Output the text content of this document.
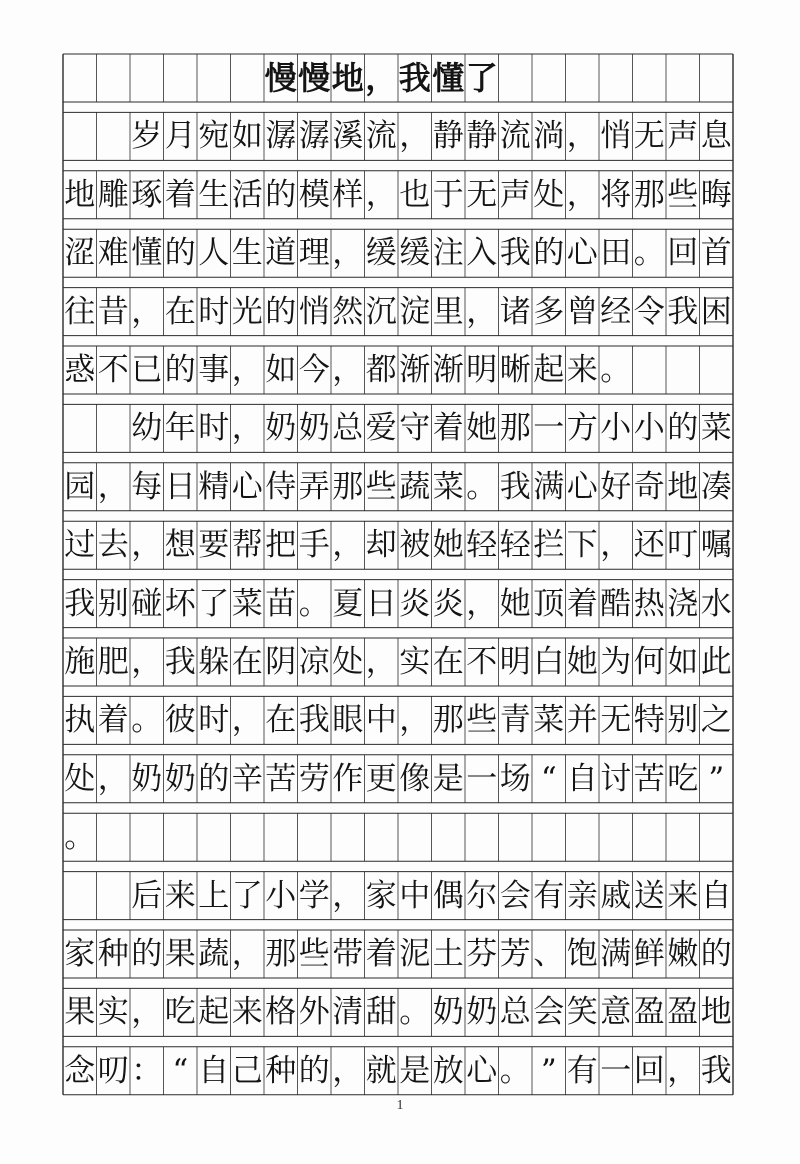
慢 慢 地 ， 我 懂 了
岁 月 宛 如 潺 潺 溪 流 ， 静 静 流 淌 ， 悄 无 声 息
地 雕 琢 着 生 活 的 模 样 ， 也 于 无 声 处 ， 将 那 些 晦
涩 难 懂 的 人 生 道 理 ， 缓 缓 注 入 我 的 心 田 。 回 首
往 昔 ， 在 时 光 的 悄 然 沉 淀 里 ， 诸 多 曾 经 令 我 困
惑 不 已 的 事 ， 如 今 ， 都 渐 渐 明 晰 起 来 。
幼 年 时 ， 奶 奶 总 爱 守 着 她 那 一 方 小 小 的 菜
园 ， 每 日 精 心 侍 弄 那 些 蔬 菜 。 我 满 心 好 奇 地 凑
过 去 ， 想 要 帮 把 手 ， 却 被 她 轻 轻 拦 下 ， 还 叮 嘱
我 别 碰 坏 了 菜 苗 。 夏 日 炎 炎 ， 她 顶 着 酷 热 浇 水
施 肥 ， 我 躲 在 阴 凉 处 ， 实 在 不 明 白 她 为 何 如 此
执 着 。 彼 时 ， 在 我 眼 中 ， 那 些 青 菜 并 无 特 别 之
处 ， 奶 奶 的 辛 苦 劳 作 更 像 是 一 场 “ 自 讨 苦 吃 ”
。
后 来 上 了 小 学 ， 家 中 偶 尔 会 有 亲 戚 送 来 自
家 种 的 果 蔬 ， 那 些 带 着 泥 土 芬 芳 、 饱 满 鲜 嫩 的
果 实 ， 吃 起 来 格 外 清 甜 。 奶 奶 总 会 笑 意 盈 盈 地
念 叨 ： “ 自 己 种 的 ， 就 是 放 心 。 ” 有 一 回 ， 我
1
